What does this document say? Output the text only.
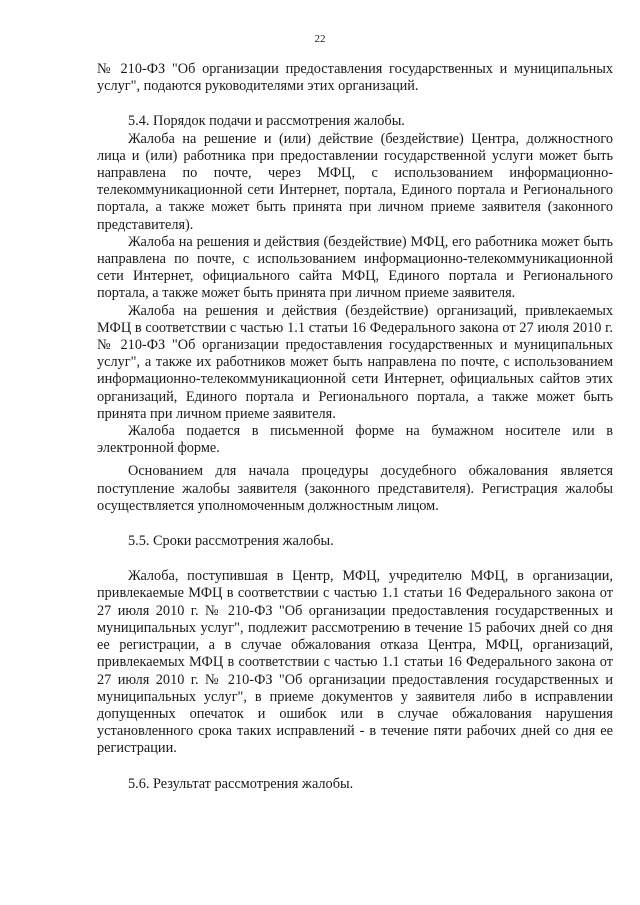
22

№ 210-ФЗ "Об организации предоставления государственных и муниципальных услуг", подаются руководителями этих организаций.

5.4. Порядок подачи и рассмотрения жалобы.

Жалоба на решение и (или) действие (бездействие) Центра, должностного лица и (или) работника при предоставлении государственной услуги может быть направлена по почте, через МФЦ, с использованием информационно-телекоммуникационной сети Интернет, портала, Единого портала и Регионального портала, а также может быть принята при личном приеме заявителя (законного представителя).

Жалоба на решения и действия (бездействие) МФЦ, его работника может быть направлена по почте, с использованием информационно-телекоммуникационной сети Интернет, официального сайта МФЦ, Единого портала и Регионального портала, а также может быть принята при личном приеме заявителя.

Жалоба на решения и действия (бездействие) организаций, привлекаемых МФЦ в соответствии с частью 1.1 статьи 16 Федерального закона от 27 июля 2010 г. № 210-ФЗ "Об организации предоставления государственных и муниципальных услуг", а также их работников может быть направлена по почте, с использованием информационно-телекоммуникационной сети Интернет, официальных сайтов этих организаций, Единого портала и Регионального портала, а также может быть принята при личном приеме заявителя.

Жалоба подается в письменной форме на бумажном носителе или в электронной форме.

Основанием для начала процедуры досудебного обжалования является поступление жалобы заявителя (законного представителя). Регистрация жалобы осуществляется уполномоченным должностным лицом.

5.5. Сроки рассмотрения жалобы.

Жалоба, поступившая в Центр, МФЦ, учредителю МФЦ, в организации, привлекаемые МФЦ в соответствии с частью 1.1 статьи 16 Федерального закона от 27 июля 2010 г. № 210-ФЗ "Об организации предоставления государственных и муниципальных услуг", подлежит рассмотрению в течение 15 рабочих дней со дня ее регистрации, а в случае обжалования отказа Центра, МФЦ, организаций, привлекаемых МФЦ в соответствии с частью 1.1 статьи 16 Федерального закона от 27 июля 2010 г. № 210-ФЗ "Об организации предоставления государственных и муниципальных услуг", в приеме документов у заявителя либо в исправлении допущенных опечаток и ошибок или в случае обжалования нарушения установленного срока таких исправлений - в течение пяти рабочих дней со дня ее регистрации.

5.6. Результат рассмотрения жалобы.
